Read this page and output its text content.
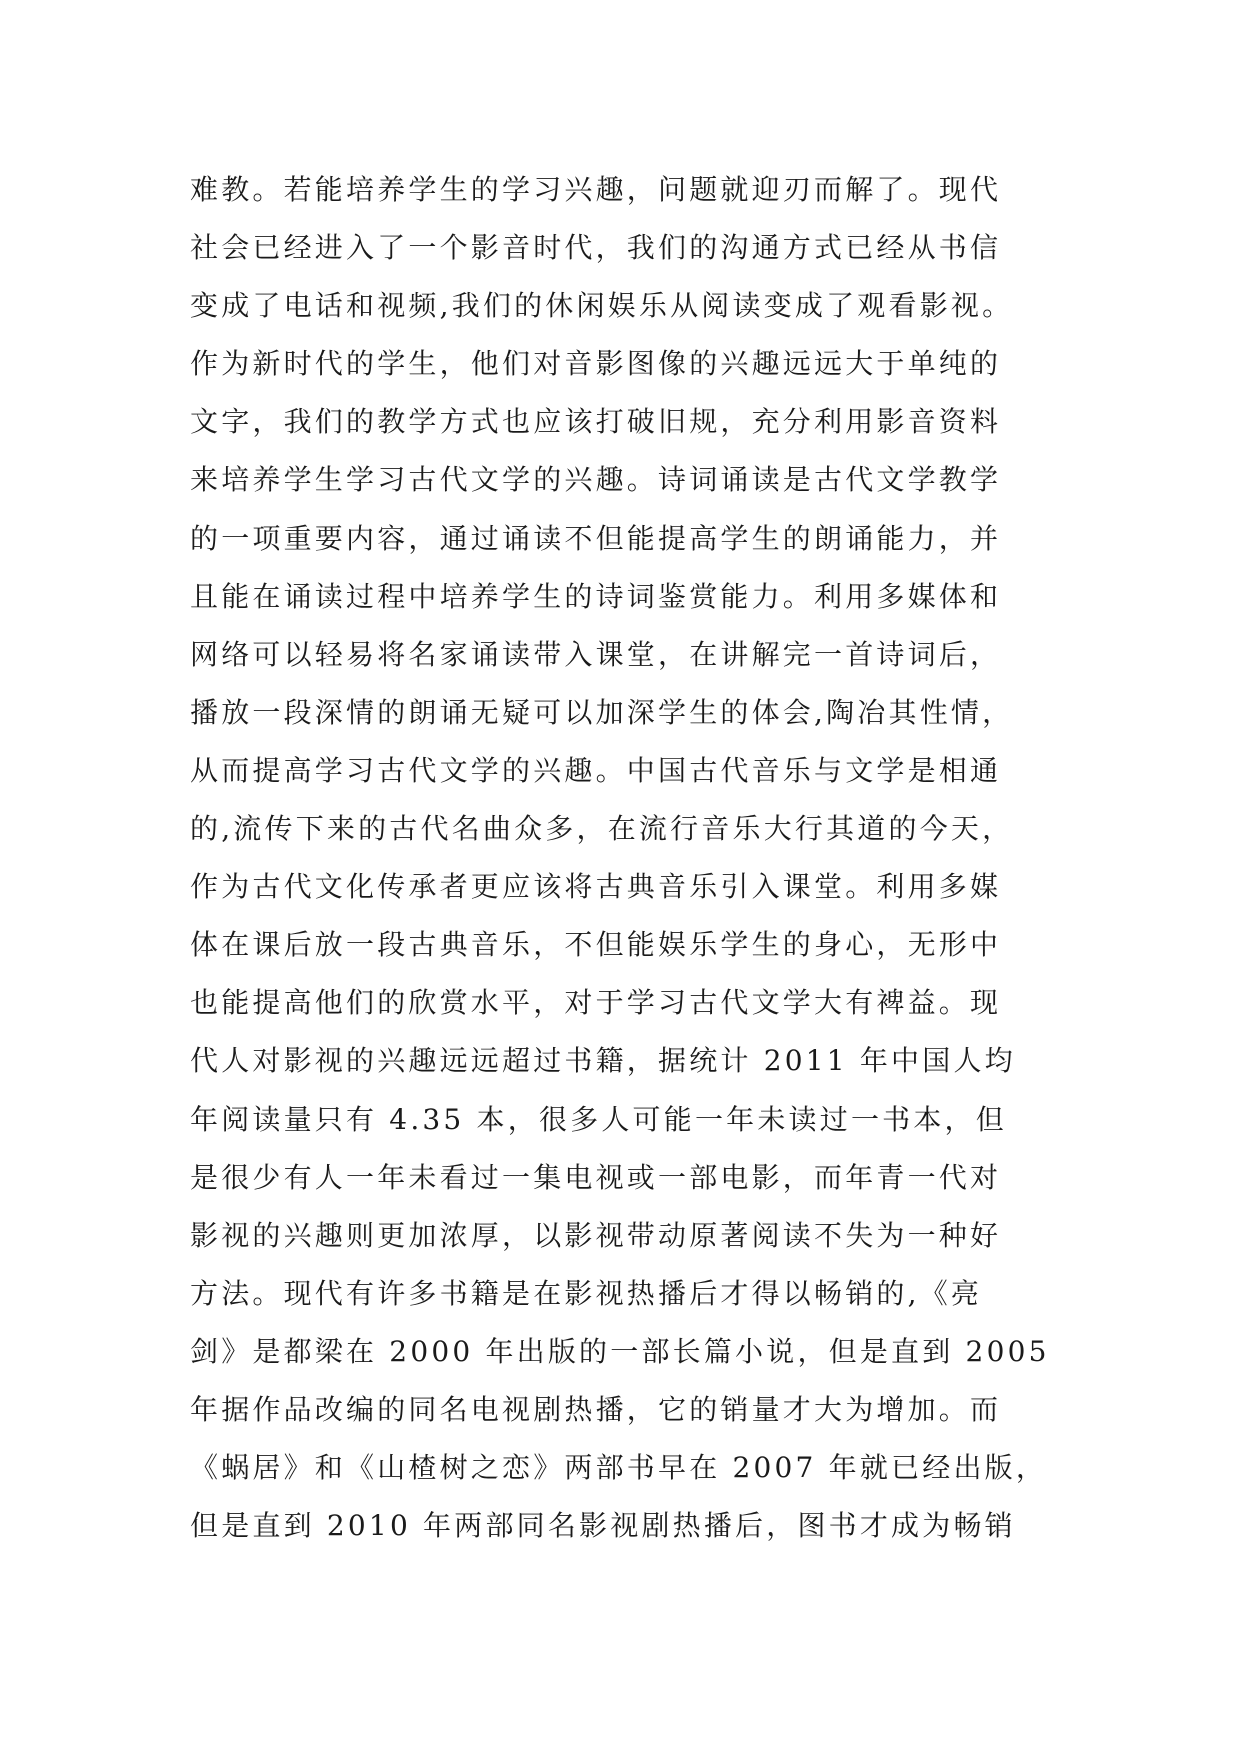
难教。若能培养学生的学习兴趣，问题就迎刃而解了。现代
社会已经进入了一个影音时代，我们的沟通方式已经从书信
变成了电话和视频,我们的休闲娱乐从阅读变成了观看影视。
作为新时代的学生，他们对音影图像的兴趣远远大于单纯的
文字，我们的教学方式也应该打破旧规，充分利用影音资料
来培养学生学习古代文学的兴趣。诗词诵读是古代文学教学
的一项重要内容，通过诵读不但能提高学生的朗诵能力，并
且能在诵读过程中培养学生的诗词鉴赏能力。利用多媒体和
网络可以轻易将名家诵读带入课堂，在讲解完一首诗词后，
播放一段深情的朗诵无疑可以加深学生的体会,陶冶其性情，
从而提高学习古代文学的兴趣。中国古代音乐与文学是相通
的,流传下来的古代名曲众多，在流行音乐大行其道的今天，
作为古代文化传承者更应该将古典音乐引入课堂。利用多媒
体在课后放一段古典音乐，不但能娱乐学生的身心，无形中
也能提高他们的欣赏水平，对于学习古代文学大有裨益。现
代人对影视的兴趣远远超过书籍，据统计 2011 年中国人均
年阅读量只有 4.35 本，很多人可能一年未读过一书本，但
是很少有人一年未看过一集电视或一部电影，而年青一代对
影视的兴趣则更加浓厚，以影视带动原著阅读不失为一种好
方法。现代有许多书籍是在影视热播后才得以畅销的,《亮
剑》是都梁在 2000 年出版的一部长篇小说，但是直到 2005
年据作品改编的同名电视剧热播，它的销量才大为增加。而
《蜗居》和《山楂树之恋》两部书早在 2007 年就已经出版，
但是直到 2010 年两部同名影视剧热播后，图书才成为畅销
